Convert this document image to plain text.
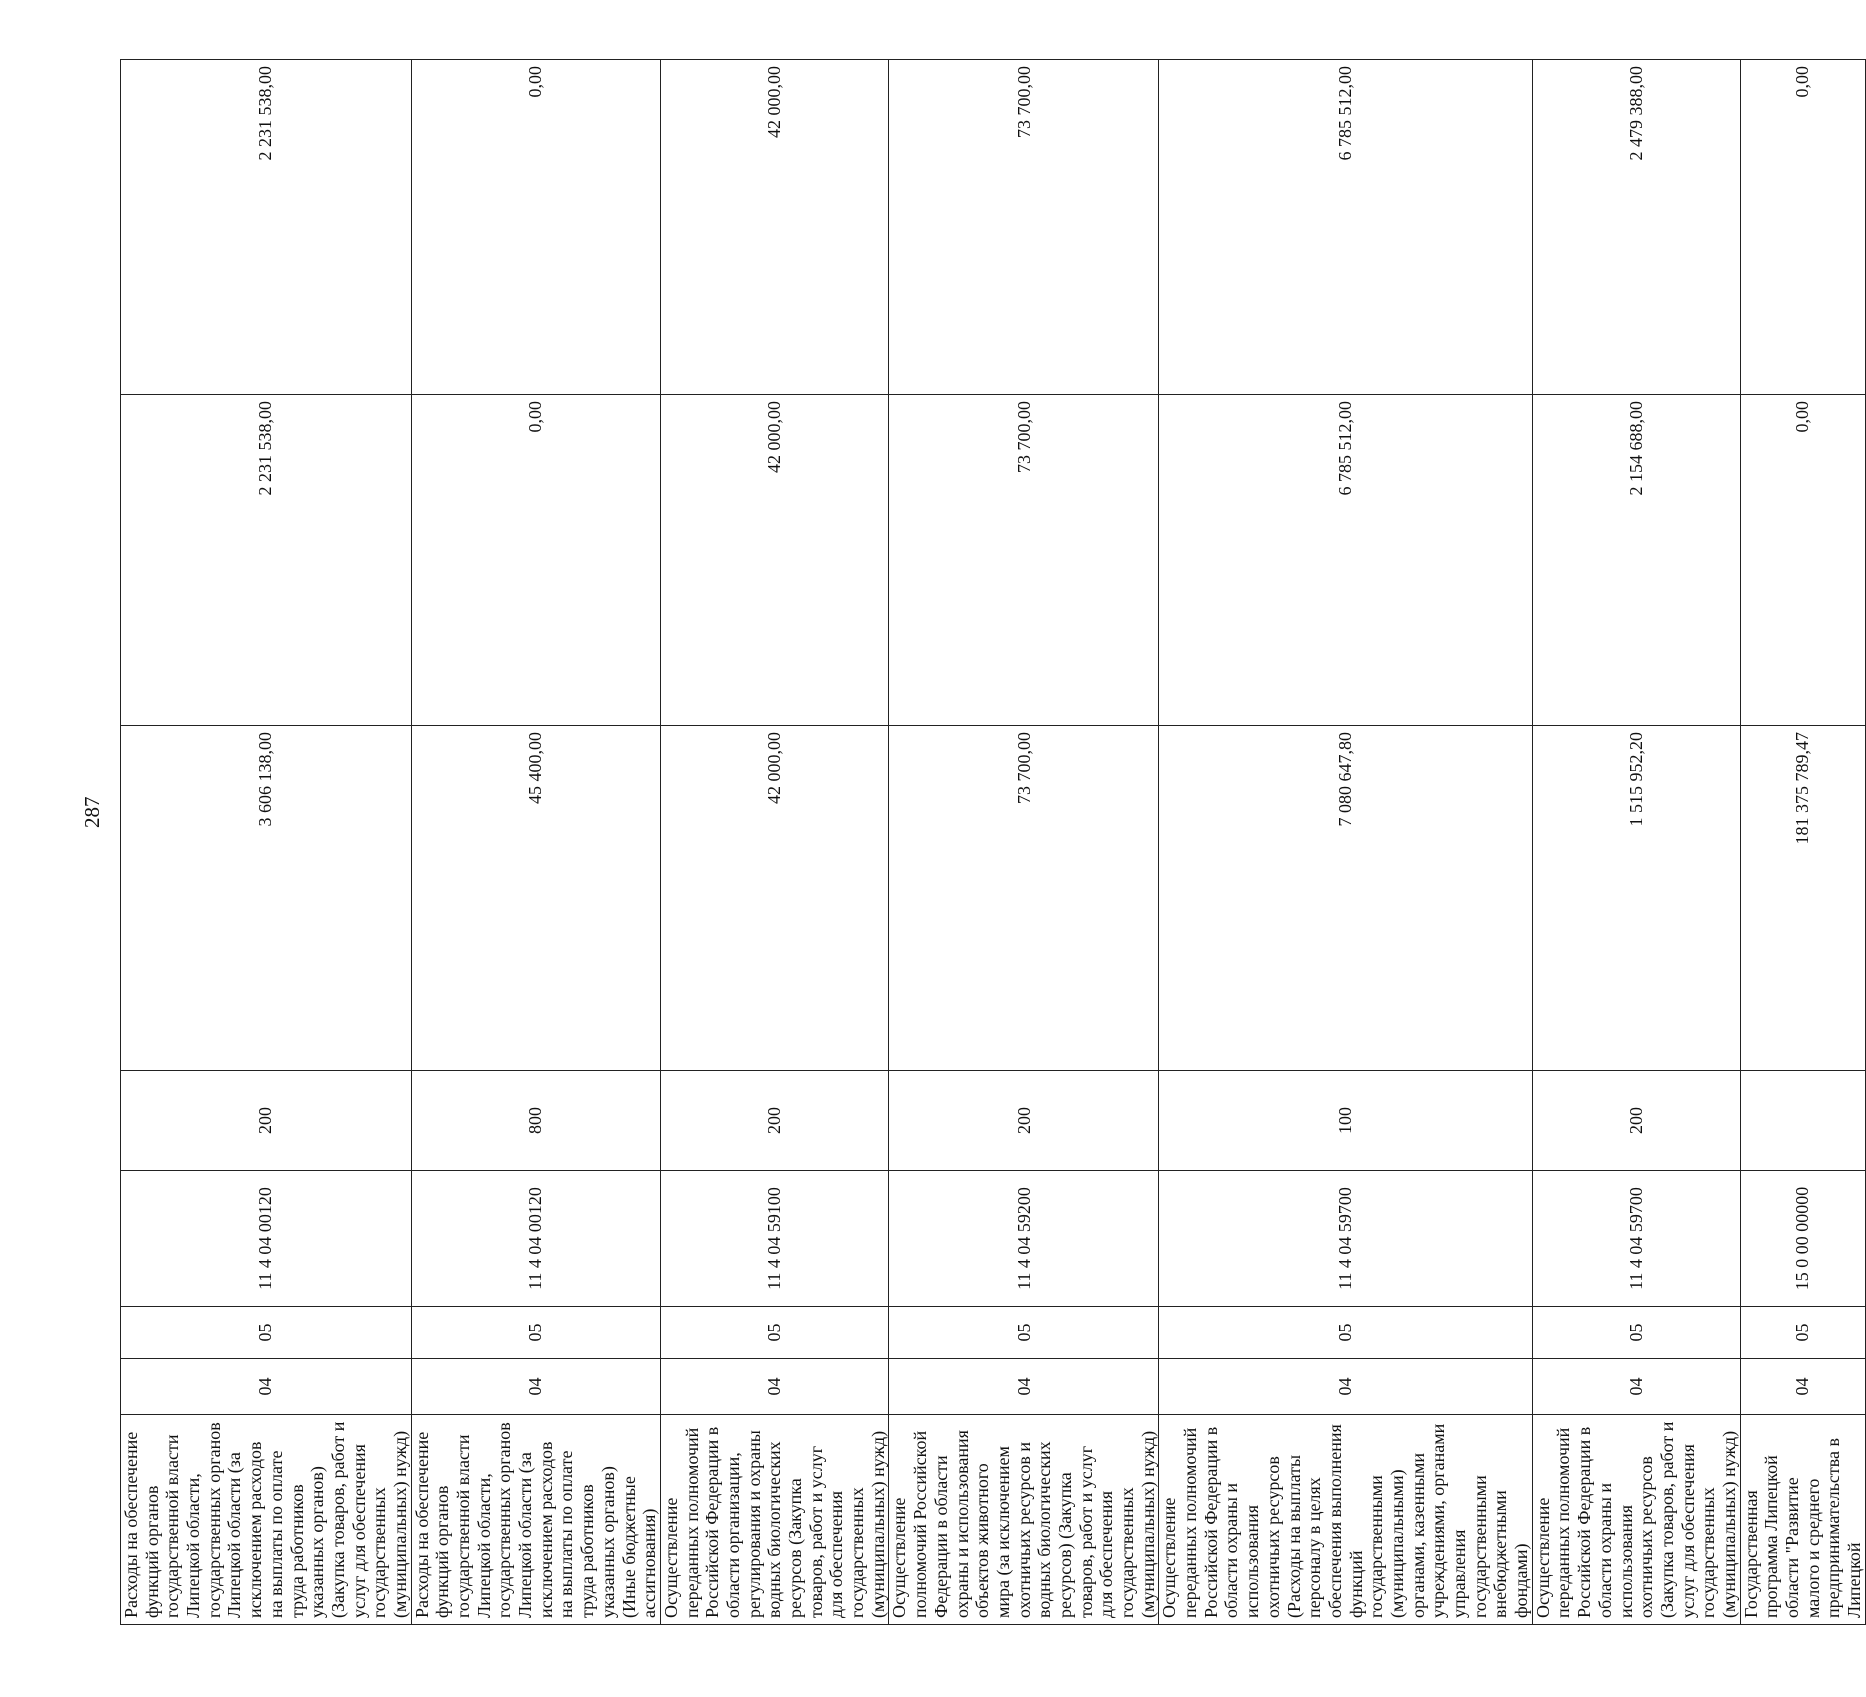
287
Расходы на обеспечение функций органов государственной власти Липецкой области, государственных органов Липецкой области (за исключением расходов на выплаты по оплате труда работников указанных органов) (Закупка товаров, работ и услуг для обеспечения государственных (муниципальных) нужд)	04	05	11 4 04 00120	200	3 606 138,00	2 231 538,00	2 231 538,00
Расходы на обеспечение функций органов государственной власти Липецкой области, государственных органов Липецкой области (за исключением расходов на выплаты по оплате труда работников указанных органов) (Иные бюджетные ассигнования)	04	05	11 4 04 00120	800	45 400,00	0,00	0,00
Осуществление переданных полномочий Российской Федерации в области организации, регулирования и охраны водных биологических ресурсов (Закупка товаров, работ и услуг для обеспечения государственных (муниципальных) нужд)	04	05	11 4 04 59100	200	42 000,00	42 000,00	42 000,00
Осуществление полномочий Российской Федерации в области охраны и использования объектов животного мира (за исключением охотничьих ресурсов и водных биологических ресурсов) (Закупка товаров, работ и услуг для обеспечения государственных (муниципальных) нужд)	04	05	11 4 04 59200	200	73 700,00	73 700,00	73 700,00
Осуществление переданных полномочий Российской Федерации в области охраны и использования охотничьих ресурсов (Расходы на выплаты персоналу в целях обеспечения выполнения функций государственными (муниципальными) органами, казенными учреждениями, органами управления государственными внебюджетными фондами)	04	05	11 4 04 59700	100	7 080 647,80	6 785 512,00	6 785 512,00
Осуществление переданных полномочий Российской Федерации в области охраны и использования охотничьих ресурсов (Закупка товаров, работ и услуг для обеспечения государственных (муниципальных) нужд)	04	05	11 4 04 59700	200	1 515 952,20	2 154 688,00	2 479 388,00
Государственная программа Липецкой области "Развитие малого и среднего предпринимательства в Липецкой	04	05	15 0 00 00000		181 375 789,47	0,00	0,00
